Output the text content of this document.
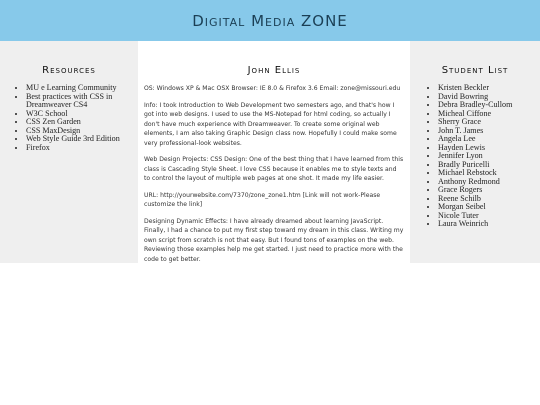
Digital Media ZONE
Resources
• MU e Learning Community
• Best practices with CSS in Dreamweaver CS4
• W3C School
• CSS Zen Garden
• CSS MaxDesign
• Web Style Guide 3rd Edition
• Firefox
John Ellis

OS: Windows XP & Mac OSX Browser: IE 8.0 & Firefox 3.6 Email: zone@missouri.edu

Info: I took Introduction to Web Development two semesters ago, and that's how I got into web designs. I used to use the MS-Notepad for html coding, so actually I don't have much experience with Dreamweaver. To create some original web elements, I am also taking Graphic Design class now. Hopefully I could make some very professional-look websites.

Web Design Projects: CSS Design: One of the best thing that I have learned from this class is Cascading Style Sheet. I love CSS because it enables me to style texts and to control the layout of multiple web pages at one shot. It made my life easier.

URL: http://yourwebsite.com/7370/zone_zone1.htm [Link will not work-Please customize the link]

Designing Dynamic Effects: I have already dreamed about learning JavaScript. Finally, I had a chance to put my first step toward my dream in this class. Writing my own script from scratch is not that easy. But I found tons of examples on the web. Reviewing those examples help me get started. I just need to practice more with the code to get better.

Student List
• Kristen Beckler
• David Bowring
• Debra Bradley-Cullom
• Micheal Ciffone
• Sherry Grace
• John T. James
• Angela Lee
• Hayden Lewis
• Jennifer Lyon
• Bradly Puricelli
• Michael Rebstock
• Anthony Redmond
• Grace Rogers
• Reene Schilb
• Morgan Seibel
• Nicole Tuter
• Laura Weinrich
